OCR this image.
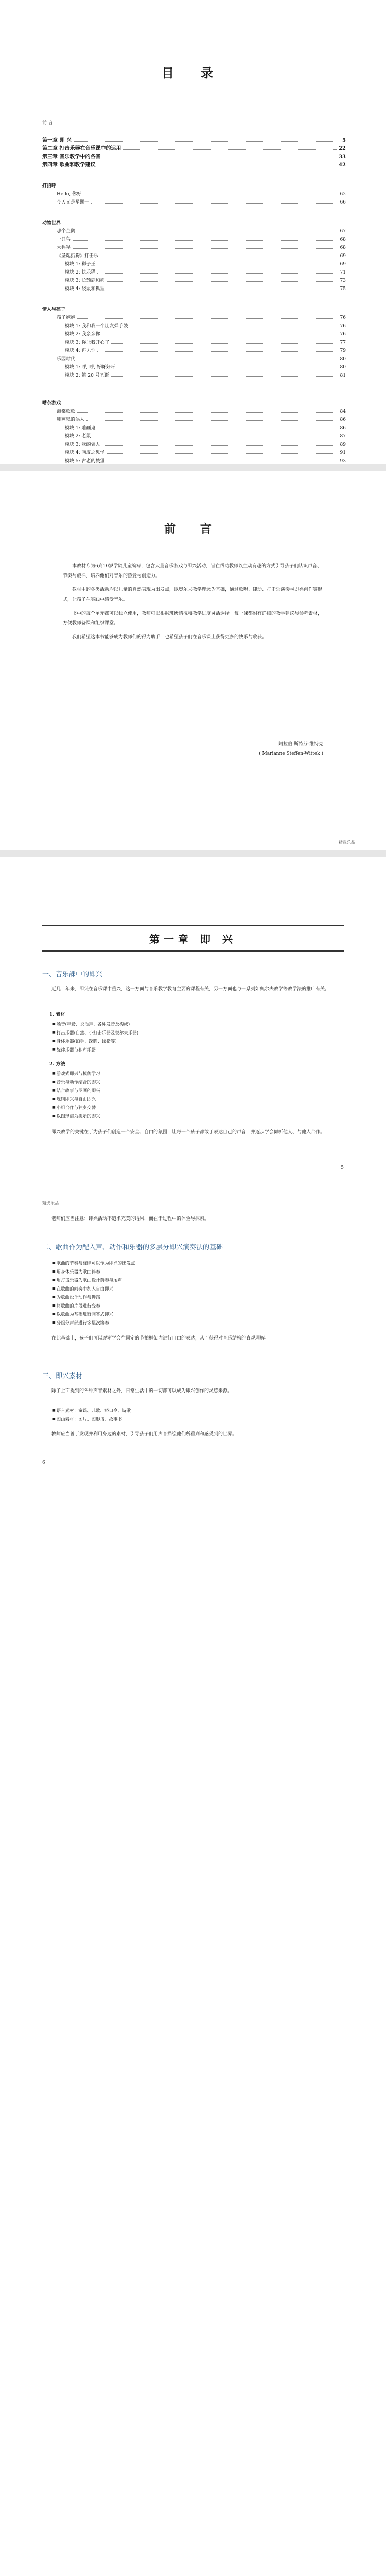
目 录
前 言
第一章 即 兴	5
第二章 打击乐器在音乐课中的运用	22
第三章 音乐教学中的各音	33
第四章 歌曲和教学建议	42
打招呼
Hello, 你好	62
今天又是星期一	66
动物世界
那个企鹅	67
一只鸟	68
大猩猩	68
《圣诞扔狗》打击乐	69
模块 1: 狮子王	69
模块 2: 快乐猫	71
模块 3: 长颈鹿和狗	73
模块 4: 袋鼠和狐狸	75
情人与孩子
孩子抱抱	76
模块 1: 我和我一个朋友弹手鼓	76
模块 2: 我亲亲你	76
模块 3: 你让我开心了	77
模块 4: 再见你	79
乐园时代	80
模块 1: 呼, 呼, 好呀好呀	80
模块 2: 第 20 号圣诞	81
嘈杂游戏
海棠歌歌	84
雕画鬼的偶人	86
模块 1: 雕画鬼	86
模块 2: 老鼠	87
模块 3: 我的偶人	89
模块 4: 画皮之鬼怪	91
模块 5: 古老的城堡	93
前 言

本教材专为6到10岁学龄儿童编写，包含大量音乐游戏与即兴活动，旨在帮助教师以生动有趣的方式引导孩子们认识声音、节奏与旋律，培养他们对音乐的热爱与创造力。

教材中的各类活动均以儿童的自然表现为出发点，以奥尔夫教学理念为基础，通过歌唱、律动、打击乐演奏与即兴创作等形式，让孩子在实践中感受音乐。

书中的每个单元都可以独立使用，教师可以根据班级情况和教学进度灵活选择。每一课都附有详细的教学建议与参考素材，方便教师备课和组织课堂。

我们希望这本书能够成为教师们的得力助手，也希望孩子们在音乐课上获得更多的快乐与收获。

阿拉伯·斯特芬-维特克
( Marianne Steffen-Wittek )
精选乐品
第一章 即 兴
一、音乐課中的即兴

近几十年来，即兴在音乐课中重兴，这一方面与音乐教学教育主要的课程有关，另一方面也与一系列如奥尔夫教学等教学法的推广有关。

1. 素材
■ 嗓音(年龄、说话声、各种发音及构成)
■ 打击乐器(自然、小打击乐器及奥尔夫乐器)
■ 身体乐器(拍手、跺脚、捻指等)
■ 旋律乐器与和声乐器
2. 方法
■ 游戏式即兴与模仿学习
■ 音乐与动作结合的即兴
■ 结合故事与图画的即兴
■ 规则即兴与自由即兴
■ 小组合作与独奏交替
■ 以图形谱为提示的即兴

即兴教学的关键在于为孩子们创造一个安全、自由的氛围，让每一个孩子都敢于表达自己的声音，并逐步学会倾听他人、与他人合作。

5
精选乐品

老师们应当注意：即兴活动不追求完美的结果，而在于过程中的体验与探索。

二、歌曲作为配入声、动作和乐器的多层分即兴演奏法的基础
■ 歌曲的节奏与旋律可以作为即兴的出发点
■ 用身体乐器为歌曲伴奏
■ 用打击乐器为歌曲设计前奏与尾声
■ 在歌曲的间奏中加入自由即兴
■ 为歌曲设计动作与舞蹈
■ 将歌曲的片段进行变奏
■ 以歌曲为基础进行问答式即兴
■ 分组分声部进行多层次演奏

在此基础上，孩子们可以逐渐学会在固定的节拍框架内进行自由的表达，从而获得对音乐结构的直观理解。

三、即兴素材

除了上面提到的各种声音素材之外，日常生活中的一切都可以成为即兴创作的灵感来源。

■ 语言素材：童谣、儿歌、绕口令、诗歌
■ 图画素材：图片、图形谱、故事书

教师应当善于发现并利用身边的素材，引导孩子们用声音描绘他们所看到和感受到的世界。

6
